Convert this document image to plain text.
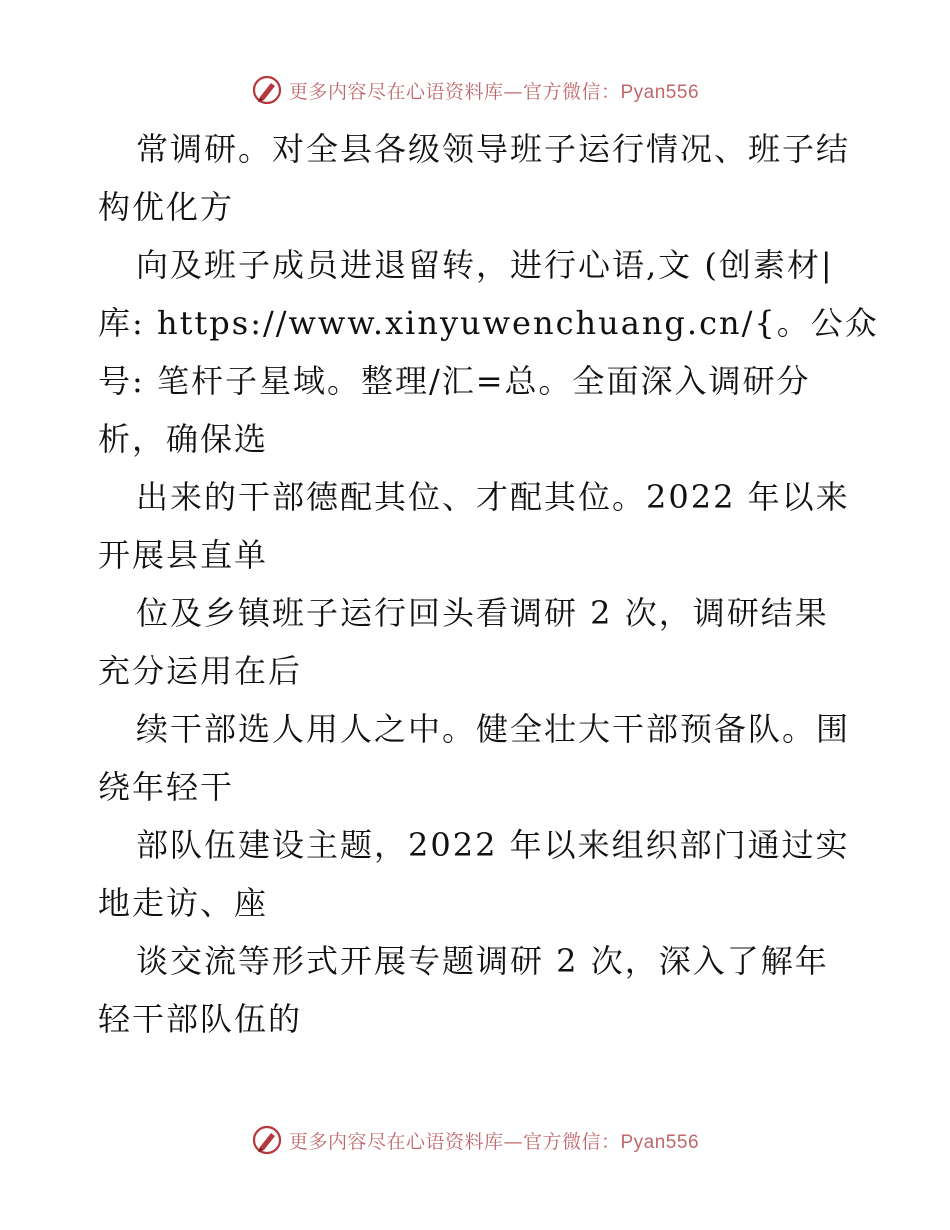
更多内容尽在心语资料库—官方微信：Pyan556
常调研。对全县各级领导班子运行情况、班子结
构优化方
向及班子成员进退留转，进行心语,文 (创素材|
库: https://www.xinyuwenchuang.cn/{。公众
号: 笔杆子星域。整理/汇=总。全面深入调研分
析，确保选
出来的干部德配其位、才配其位。2022 年以来
开展县直单
位及乡镇班子运行回头看调研 2 次，调研结果
充分运用在后
续干部选人用人之中。健全壮大干部预备队。围
绕年轻干
部队伍建设主题，2022 年以来组织部门通过实
地走访、座
谈交流等形式开展专题调研 2 次，深入了解年
轻干部队伍的
更多内容尽在心语资料库—官方微信：Pyan556
